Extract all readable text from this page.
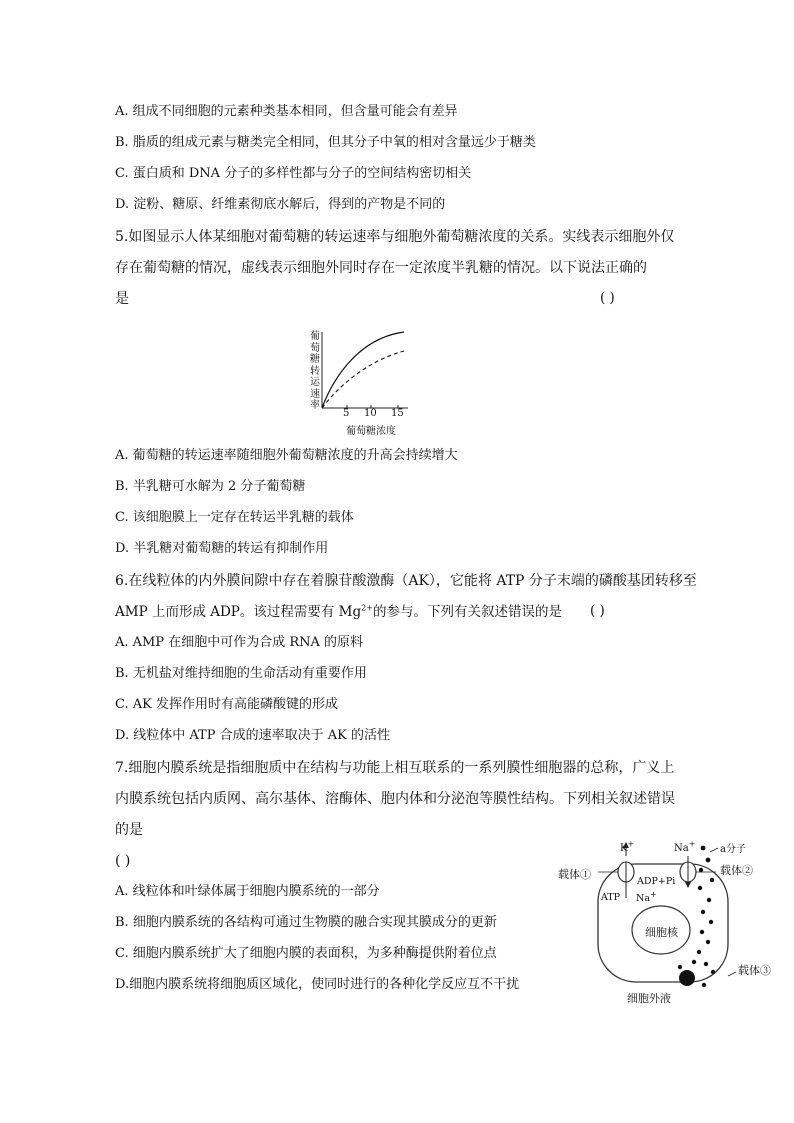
A. 组成不同细胞的元素种类基本相同，但含量可能会有差异
B. 脂质的组成元素与糖类完全相同，但其分子中氧的相对含量远少于糖类
C. 蛋白质和 DNA 分子的多样性都与分子的空间结构密切相关
D. 淀粉、糖原、纤维素彻底水解后，得到的产物是不同的
5.如图显示人体某细胞对葡萄糖的转运速率与细胞外葡萄糖浓度的关系。实线表示细胞外仅
存在葡萄糖的情况，虚线表示细胞外同时存在一定浓度半乳糖的情况。以下说法正确的
是	( )
葡萄糖转运速率
5 10 15
葡萄糖浓度
A. 葡萄糖的转运速率随细胞外葡萄糖浓度的升高会持续增大
B. 半乳糖可水解为 2 分子葡萄糖
C. 该细胞膜上一定存在转运半乳糖的载体
D. 半乳糖对葡萄糖的转运有抑制作用
6.在线粒体的内外膜间隙中存在着腺苷酸激酶（AK），它能将 ATP 分子末端的磷酸基团转移至
AMP 上而形成 ADP。该过程需要有 $Mg^{2+}$的参与。下列有关叙述错误的是 ( )
A. AMP 在细胞中可作为合成 RNA 的原料
B. 无机盐对维持细胞的生命活动有重要作用
C. AK 发挥作用时有高能磷酸键的形成
D. 线粒体中 ATP 合成的速率取决于 AK 的活性
7.细胞内膜系统是指细胞质中在结构与功能上相互联系的一系列膜性细胞器的总称，广义上
内膜系统包括内质网、高尔基体、溶酶体、胞内体和分泌泡等膜性结构。下列相关叙述错误
的是
( )
A. 线粒体和叶绿体属于细胞内膜系统的一部分
B. 细胞内膜系统的各结构可通过生物膜的融合实现其膜成分的更新
C. 细胞内膜系统扩大了细胞内膜的表面积，为多种酶提供附着位点
D.细胞内膜系统将细胞质区域化，使同时进行的各种化学反应互不干扰
K+	Na+ a分子
载体①	载体②
ADP+Pi
ATP Na+
细胞核
载体③
细胞外液
